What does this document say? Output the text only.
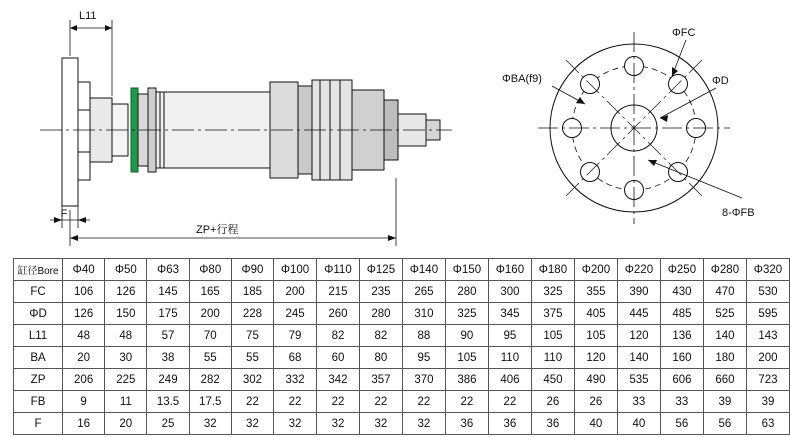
L11
F
ZP+行程
ΦFC
ΦBA(f9)	ΦD
8-ΦFB
缸径Bore	Φ40	Φ50	Φ63	Φ80	Φ90	Φ100	Φ110	Φ125	Φ140	Φ150	Φ160	Φ180	Φ200	Φ220	Φ250	Φ280	Φ320
FC	106	126	145	165	185	200	215	235	265	280	300	325	355	390	430	470	530
ΦD	126	150	175	200	228	245	260	280	310	325	345	375	405	445	485	525	595
L11	48	48	57	70	75	79	82	82	88	90	95	105	105	120	136	140	143
BA	20	30	38	55	55	68	60	80	95	105	110	110	120	140	160	180	200
ZP	206	225	249	282	302	332	342	357	370	386	406	450	490	535	606	660	723
FB	9	11	13.5	17.5	22	22	22	22	22	22	22	26	26	33	33	39	39
F	16	20	25	32	32	32	32	32	32	36	36	36	40	40	56	56	63
